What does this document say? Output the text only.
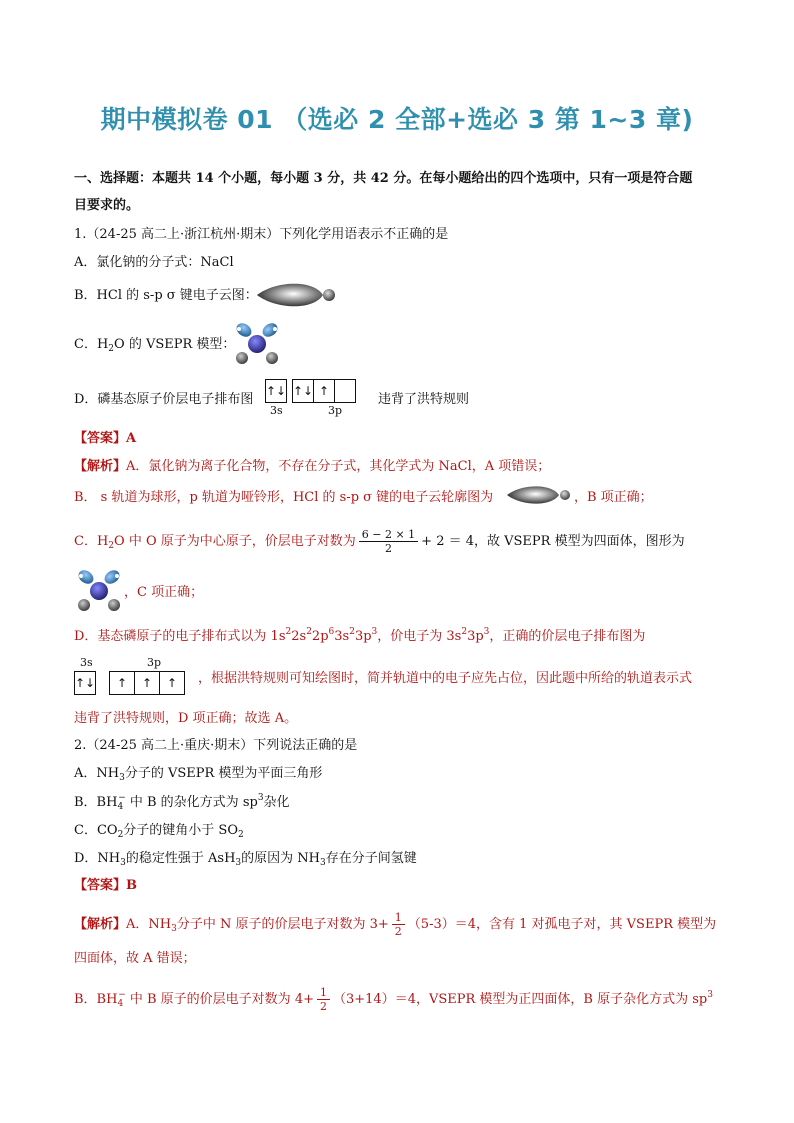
期中模拟卷 01 （选必 2 全部+选必 3 第 1~3 章)
一、选择题：本题共 14 个小题，每小题 3 分，共 42 分。在每小题给出的四个选项中，只有一项是符合题
目要求的。
1.（24-25 高二上·浙江杭州·期末）下列化学用语表示不正确的是
A．氯化钠的分子式：NaCl
B．HCl 的 s-p σ 键电子云图：
C．$H_2O$ 的 VSEPR 模型：
D．磷基态原子价层电子排布图
↑↓ ↑↓ ↑
3s	3p
违背了洪特规则
【答案】A
【解析】A．氯化钠为离子化合物，不存在分子式，其化学式为 NaCl，A 项错误；
B． s 轨道为球形，p 轨道为哑铃形，HCl 的 s-p σ 键的电子云轮廓图为	，B 项正确；
C．$H_2O$ 中 O 原子为中心原子，价层电子对数为 $\frac{6 - 2 \times 1}{2} + 2 = 4$，故 VSEPR 模型为四面体，图形为
，C 项正确；
D．基态磷原子的电子排布式以为 $1s^22s^22p^63s^23p^3$，价电子为 $3s^23p^3$，正确的价层电子排布图为
3s	3p
↑↓	↑	↑	↑	，根据洪特规则可知绘图时，简并轨道中的电子应先占位，因此题中所给的轨道表示式
违背了洪特规则，D 项正确；故选 A。
2.（24-25 高二上·重庆·期末）下列说法正确的是
A．$NH_3$分子的 VSEPR 模型为平面三角形
B．$BH_4^-$ 中 B 的杂化方式为 $sp^3$杂化
C．$CO_2$分子的键角小于 $SO_2$
D．$NH_3$的稳定性强于 AsH$_3$的原因为 $NH_3$存在分子间氢键
【答案】B
【解析】A．$NH_3$分子中 N 原子的价层电子对数为 $3+ \frac{1}{2} (5-3)=4$，含有 1 对孤电子对，其 VSEPR 模型为
四面体，故 A 错误；
B．$BH_4^-$ 中 B 原子的价层电子对数为 $4+ \frac{1}{2} (3+14)=4$，VSEPR 模型为正四面体，B 原子杂化方式为 $sp^3$
